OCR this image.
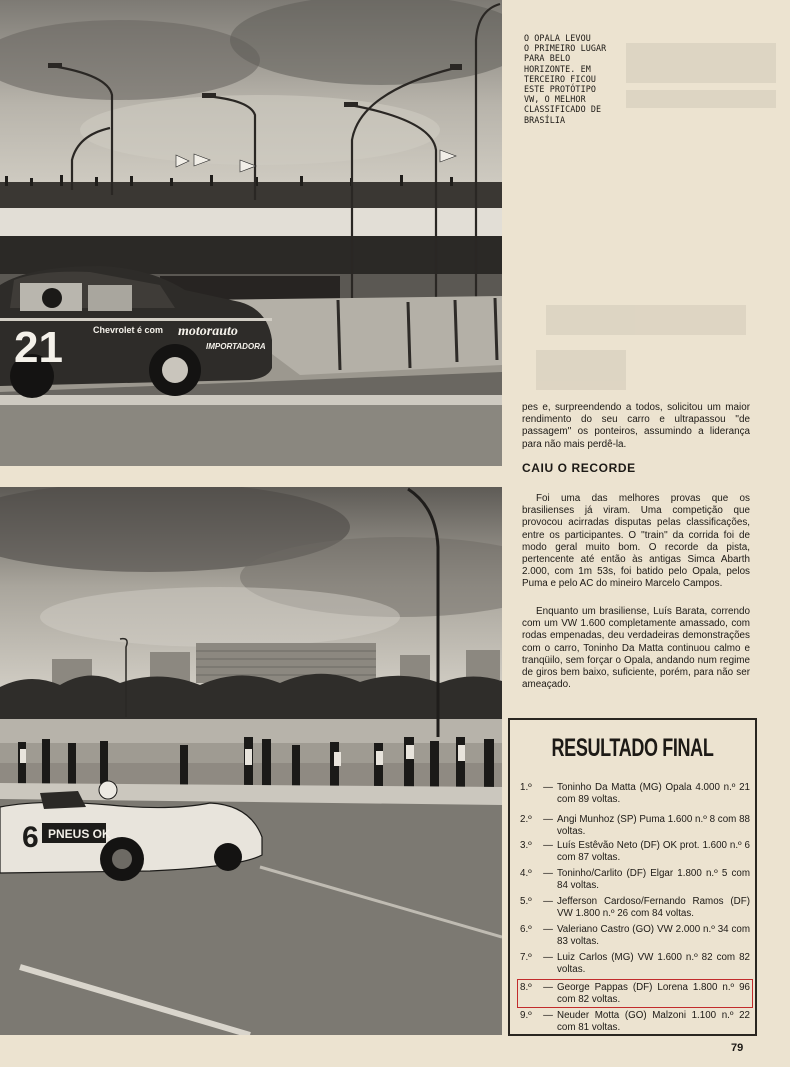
21	Chevrolet é com motorauto
IMPORTADORA
O OPALA LEVOU
O PRIMEIRO LUGAR
PARA BELO
HORIZONTE. EM
TERCEIRO FICOU
ESTE PROTÓTIPO
VW, O MELHOR
CLASSIFICADO DE
BRASÍLIA

pes e, surpreendendo a todos, solicitou um maior rendimento do seu carro e ultrapassou ''de passagem'' os ponteiros, assumindo a liderança para não mais perdê-la.

CAIU O RECORDE

Foi uma das melhores provas que os brasilienses já viram. Uma competição que provocou acirradas disputas pelas classificações, entre os participantes. O ''train'' da corrida foi de modo geral muito bom. O recorde da pista, pertencente até então às antigas Simca Abarth 2.000, com 1m 53s, foi batido pelo Opala, pelos Puma e pelo AC do mineiro Marcelo Campos.

Enquanto um brasiliense, Luís Barata, correndo com um VW 1.600 completamente amassado, com rodas empenadas, deu verdadeiras demonstrações com o carro, Toninho Da Matta continuou calmo e tranqüilo, sem forçar o Opala, andando num regime de giros bem baixo, suficiente, porém, para não ser ameaçado.

6 PNEUS OK
RESULTADO FINAL
1.º	— Toninho Da Matta (MG) Opala 4.000 n.º 21 com 89 voltas.
2.º	— Angi Munhoz (SP) Puma 1.600 n.º 8 com 88 voltas.
3.º	— Luís Estêvão Neto (DF) OK prot. 1.600 n.º 6 com 87 voltas.
4.º	— Toninho/Carlito (DF) Elgar 1.800 n.º 5 com 84 voltas.
5.º	— Jefferson Cardoso/Fernando Ramos (DF) VW 1.800 n.º 26 com 84 voltas.
6.º	— Valeriano Castro (GO) VW 2.000 n.º 34 com 83 voltas.
7.º	— Luiz Carlos (MG) VW 1.600 n.º 82 com 82 voltas.
8.º	— George Pappas (DF) Lorena 1.800 n.º 96 com 82 voltas.
9.º	— Neuder Motta (GO) Malzoni 1.100 n.º 22 com 81 voltas.
79
